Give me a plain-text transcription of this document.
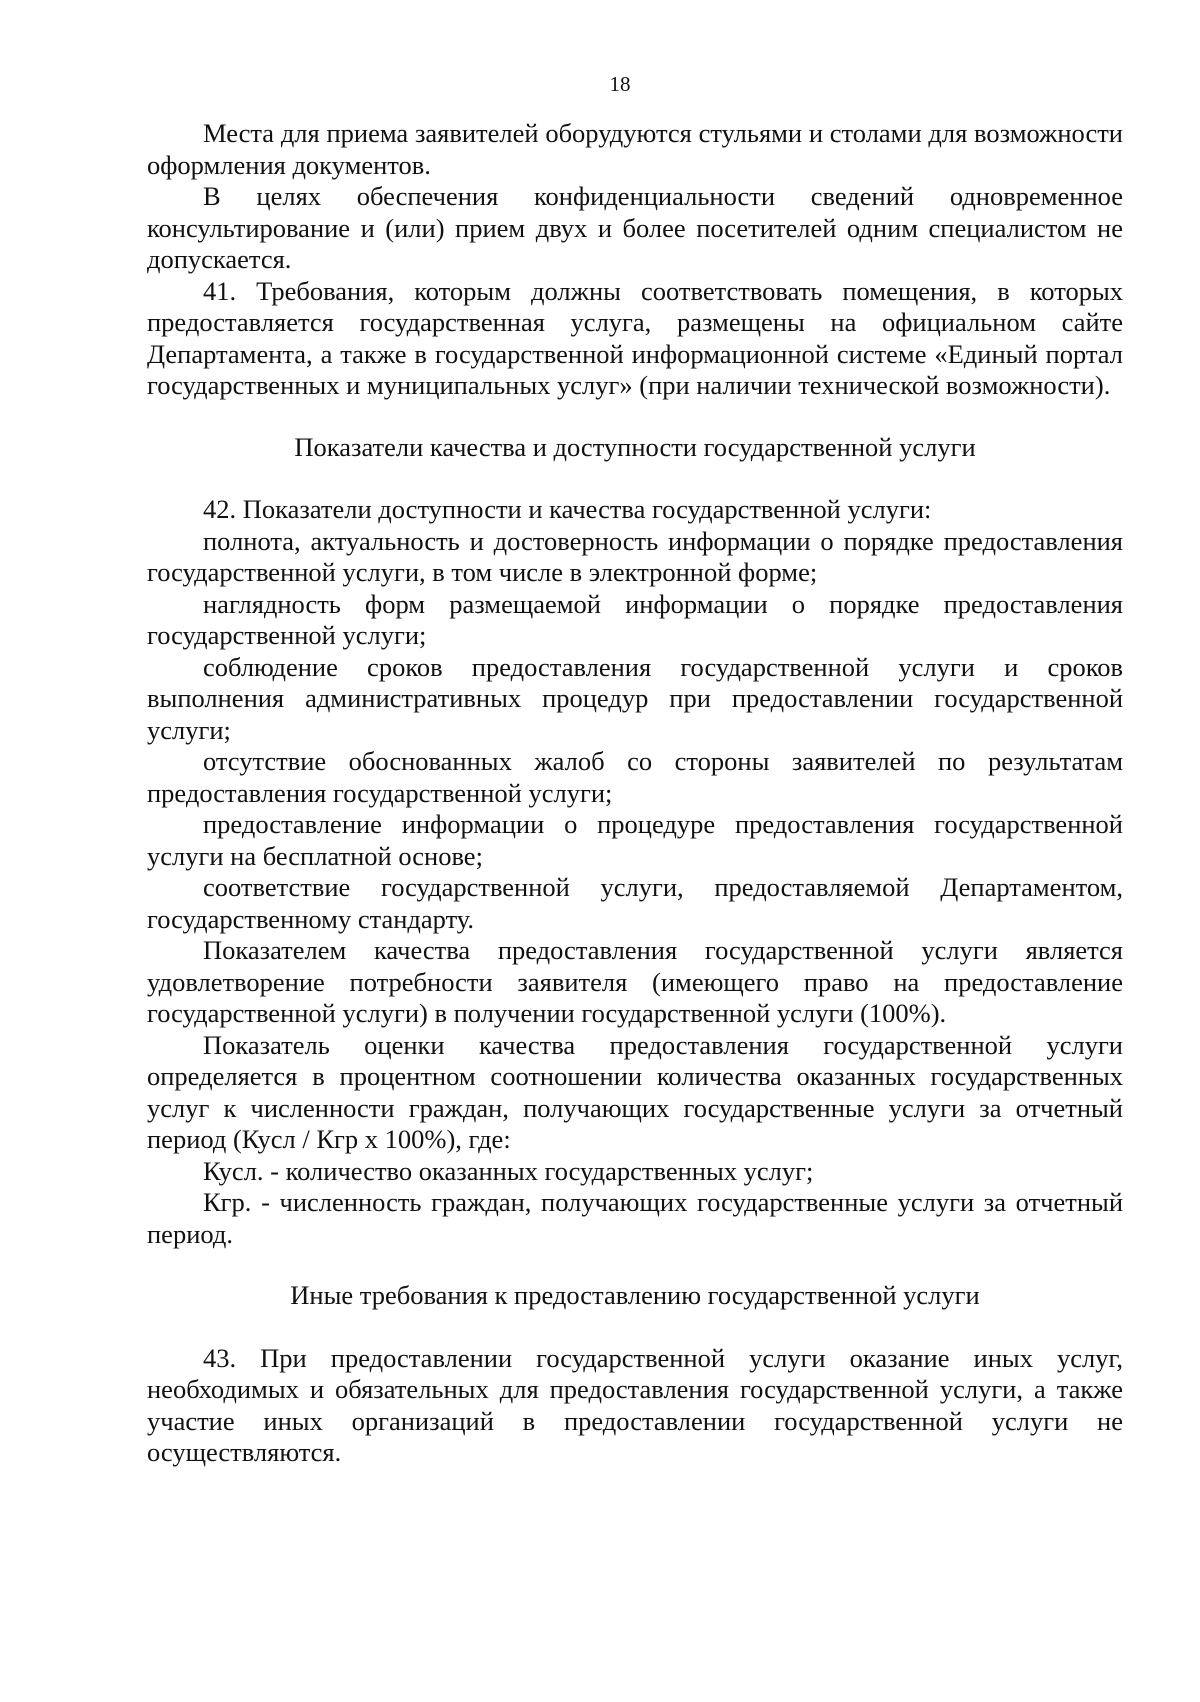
18

Места для приема заявителей оборудуются стульями и столами для возможности оформления документов.

В целях обеспечения конфиденциальности сведений одновременное консультирование и (или) прием двух и более посетителей одним специалистом не допускается.

41. Требования, которым должны соответствовать помещения, в которых предоставляется государственная услуга, размещены на официальном сайте Департамента, а также в государственной информационной системе «Единый портал государственных и муниципальных услуг» (при наличии технической возможности).

Показатели качества и доступности государственной услуги

42. Показатели доступности и качества государственной услуги:

полнота, актуальность и достоверность информации о порядке предоставления государственной услуги, в том числе в электронной форме;

наглядность форм размещаемой информации о порядке предоставления государственной услуги;

соблюдение сроков предоставления государственной услуги и сроков выполнения административных процедур при предоставлении государственной услуги;

отсутствие обоснованных жалоб со стороны заявителей по результатам предоставления государственной услуги;

предоставление информации о процедуре предоставления государственной услуги на бесплатной основе;

соответствие государственной услуги, предоставляемой Департаментом, государственному стандарту.

Показателем качества предоставления государственной услуги является удовлетворение потребности заявителя (имеющего право на предоставление государственной услуги) в получении государственной услуги (100%).

Показатель оценки качества предоставления государственной услуги определяется в процентном соотношении количества оказанных государственных услуг к численности граждан, получающих государственные услуги за отчетный период (Кусл / Кгр х 100%), где:

Кусл. - количество оказанных государственных услуг;

Кгр. - численность граждан, получающих государственные услуги за отчетный период.

Иные требования к предоставлению государственной услуги

43. При предоставлении государственной услуги оказание иных услуг, необходимых и обязательных для предоставления государственной услуги, а также участие иных организаций в предоставлении государственной услуги не осуществляются.
